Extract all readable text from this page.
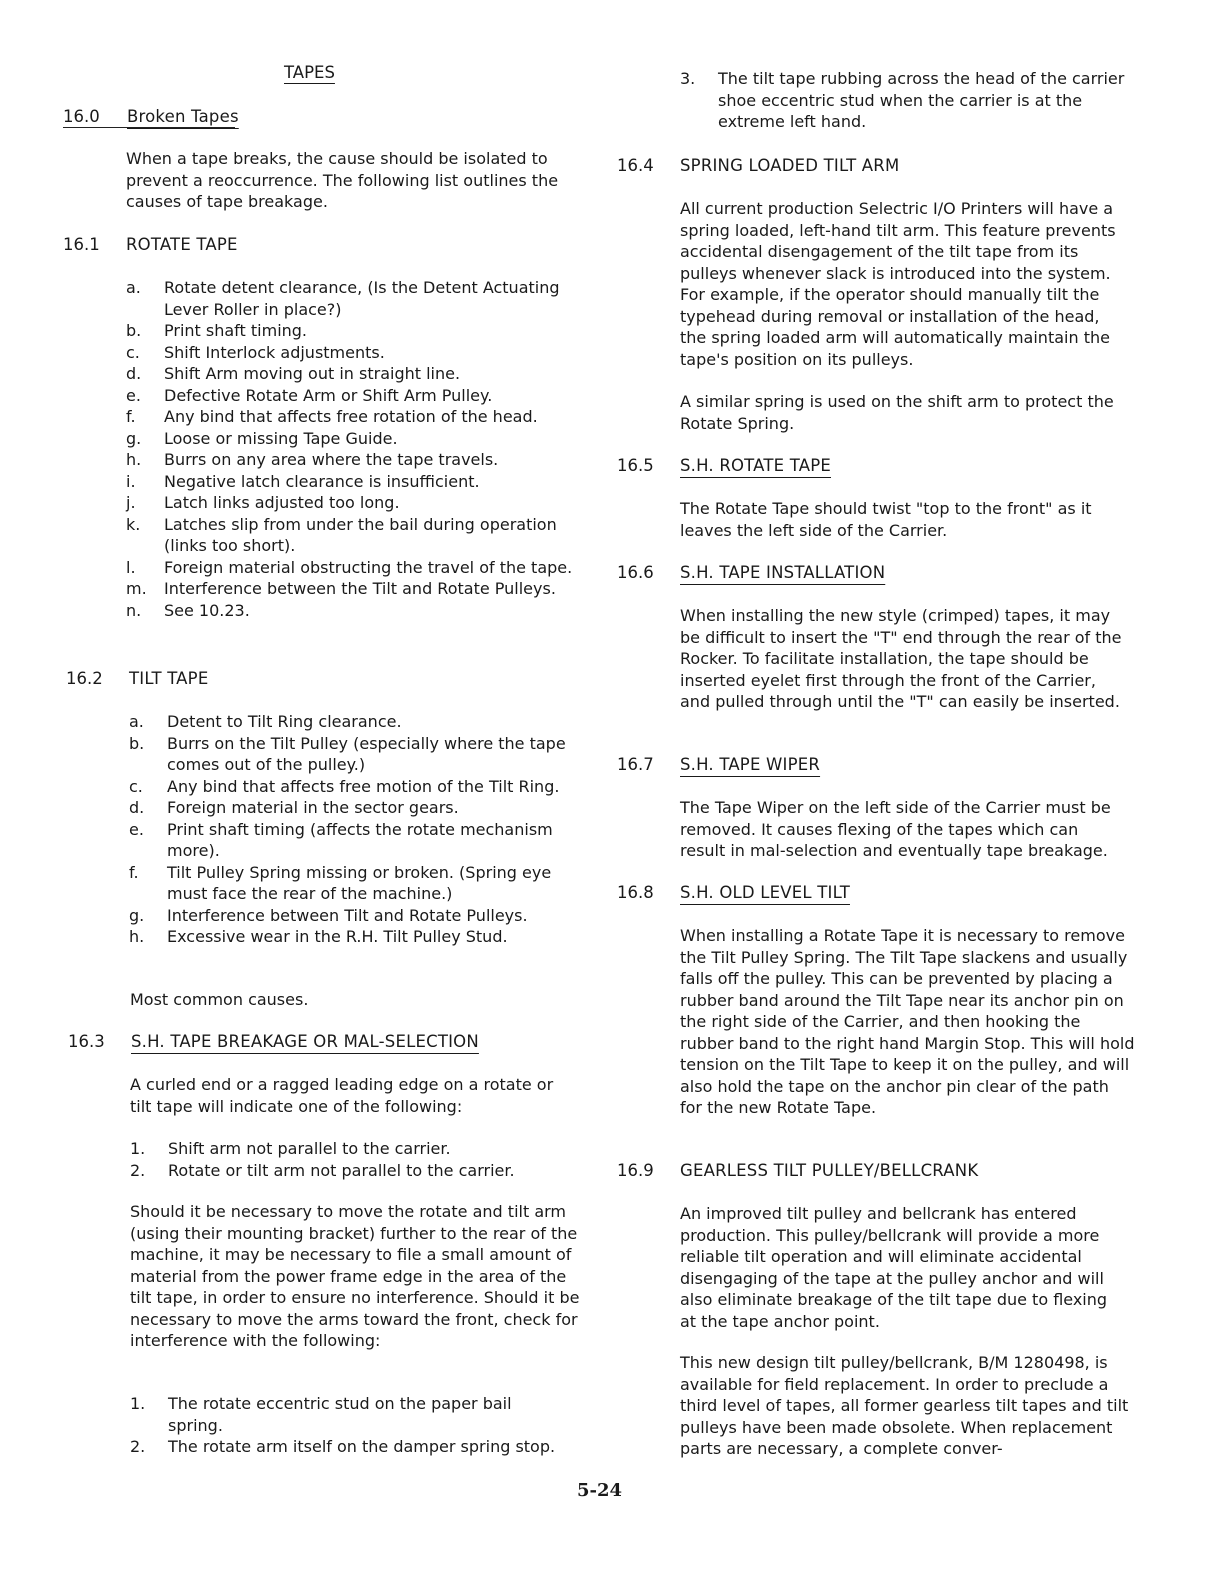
TAPES
16.0 Broken Tapes

When a tape breaks, the cause should be isolated to prevent a reoccurrence. The following list outlines the causes of tape breakage.

16.1 ROTATE TAPE
a. Rotate detent clearance, (Is the Detent Actuating Lever Roller in place?)
b. Print shaft timing.
c. Shift Interlock adjustments.
d. Shift Arm moving out in straight line.
e. Defective Rotate Arm or Shift Arm Pulley.
f. Any bind that affects free rotation of the head.
g. Loose or missing Tape Guide.
h. Burrs on any area where the tape travels.
i. Negative latch clearance is insufficient.
j. Latch links adjusted too long.
k. Latches slip from under the bail during operation (links too short).
l. Foreign material obstructing the travel of the tape.
m. Interference between the Tilt and Rotate Pulleys.
n. See 10.23.
16.2 TILT TAPE
a. Detent to Tilt Ring clearance.
b. Burrs on the Tilt Pulley (especially where the tape comes out of the pulley.)
c. Any bind that affects free motion of the Tilt Ring.
d. Foreign material in the sector gears.
e. Print shaft timing (affects the rotate mechanism more).
f. Tilt Pulley Spring missing or broken. (Spring eye must face the rear of the machine.)
g. Interference between Tilt and Rotate Pulleys.
h. Excessive wear in the R.H. Tilt Pulley Stud.
Most common causes.
16.3 S.H. TAPE BREAKAGE OR MAL-SELECTION

A curled end or a ragged leading edge on a rotate or tilt tape will indicate one of the following:

1. Shift arm not parallel to the carrier.
2. Rotate or tilt arm not parallel to the carrier.

Should it be necessary to move the rotate and tilt arm (using their mounting bracket) further to the rear of the machine, it may be necessary to file a small amount of material from the power frame edge in the area of the tilt tape, in order to ensure no interference. Should it be necessary to move the arms toward the front, check for interference with the following:

1. The rotate eccentric stud on the paper bail spring.
2. The rotate arm itself on the damper spring stop.
3. The tilt tape rubbing across the head of the carrier shoe eccentric stud when the carrier is at the extreme left hand.
16.4 SPRING LOADED TILT ARM

All current production Selectric I/O Printers will have a spring loaded, left-hand tilt arm. This feature prevents accidental disengagement of the tilt tape from its pulleys whenever slack is introduced into the system. For example, if the operator should manually tilt the typehead during removal or installation of the head, the spring loaded arm will automatically maintain the tape's position on its pulleys.

A similar spring is used on the shift arm to protect the Rotate Spring.

16.5 S.H. ROTATE TAPE

The Rotate Tape should twist "top to the front" as it leaves the left side of the Carrier.

16.6 S.H. TAPE INSTALLATION

When installing the new style (crimped) tapes, it may be difficult to insert the "T" end through the rear of the Rocker. To facilitate installation, the tape should be inserted eyelet first through the front of the Carrier, and pulled through until the "T" can easily be inserted.

16.7 S.H. TAPE WIPER

The Tape Wiper on the left side of the Carrier must be removed. It causes flexing of the tapes which can result in mal-selection and eventually tape breakage.

16.8 S.H. OLD LEVEL TILT

When installing a Rotate Tape it is necessary to remove the Tilt Pulley Spring. The Tilt Tape slackens and usually falls off the pulley. This can be prevented by placing a rubber band around the Tilt Tape near its anchor pin on the right side of the Carrier, and then hooking the rubber band to the right hand Margin Stop. This will hold tension on the Tilt Tape to keep it on the pulley, and will also hold the tape on the anchor pin clear of the path for the new Rotate Tape.

16.9 GEARLESS TILT PULLEY/BELLCRANK

An improved tilt pulley and bellcrank has entered production. This pulley/bellcrank will provide a more reliable tilt operation and will eliminate accidental disengaging of the tape at the pulley anchor and will also eliminate breakage of the tilt tape due to flexing at the tape anchor point.

This new design tilt pulley/bellcrank, B/M 1280498, is available for field replacement. In order to preclude a third level of tapes, all former gearless tilt tapes and tilt pulleys have been made obsolete. When replacement parts are necessary, a complete conver-

5-24
